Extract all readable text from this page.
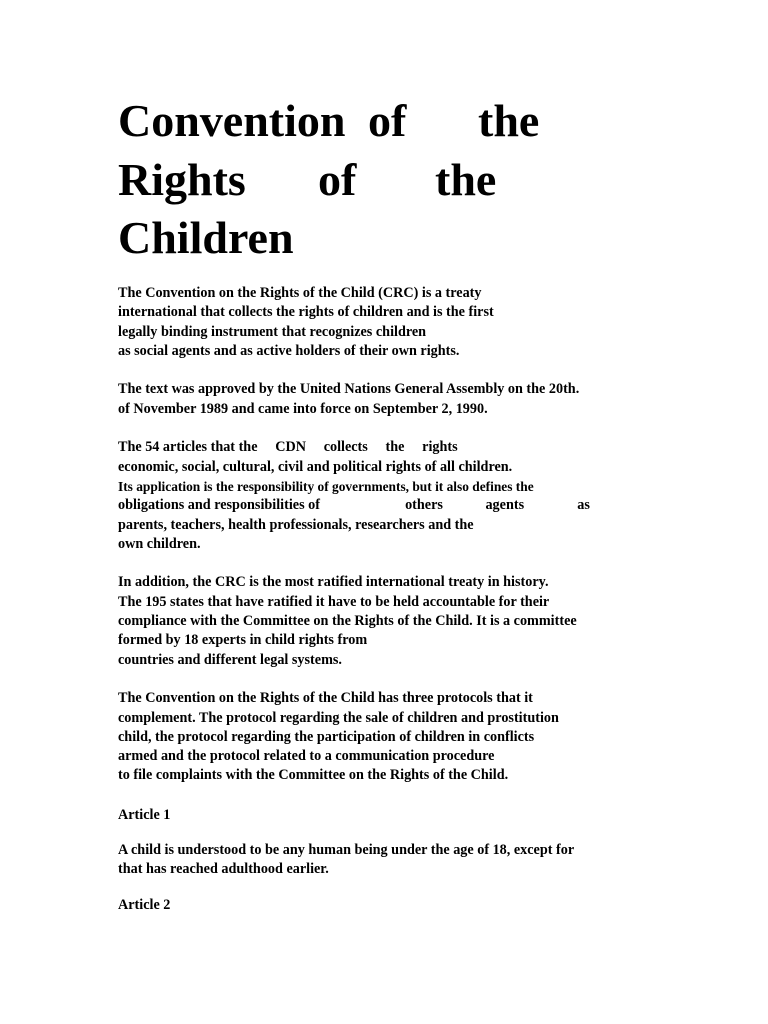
Convention of the
Rights of the
Children

The Convention on the Rights of the Child (CRC) is a treaty
international that collects the rights of children and is the first
legally binding instrument that recognizes children
as social agents and as active holders of their own rights.

The text was approved by the United Nations General Assembly on the 20th.
of November 1989 and came into force on September 2, 1990.

The 54 articles that the     CDN     collects     the     rights
economic, social, cultural, civil and political rights of all children.
Its application is the responsibility of governments, but it also defines the
obligations and responsibilities of                        others            agents               as
parents, teachers, health professionals, researchers and the
own children.

In addition, the CRC is the most ratified international treaty in history.
The 195 states that have ratified it have to be held accountable for their
compliance with the Committee on the Rights of the Child. It is a committee
formed by 18 experts in child rights from
countries and different legal systems.

The Convention on the Rights of the Child has three protocols that it
complement. The protocol regarding the sale of children and prostitution
child, the protocol regarding the participation of children in conflicts
armed and the protocol related to a communication procedure
to file complaints with the Committee on the Rights of the Child.

Article 1

A child is understood to be any human being under the age of 18, except for
that has reached adulthood earlier.

Article 2
